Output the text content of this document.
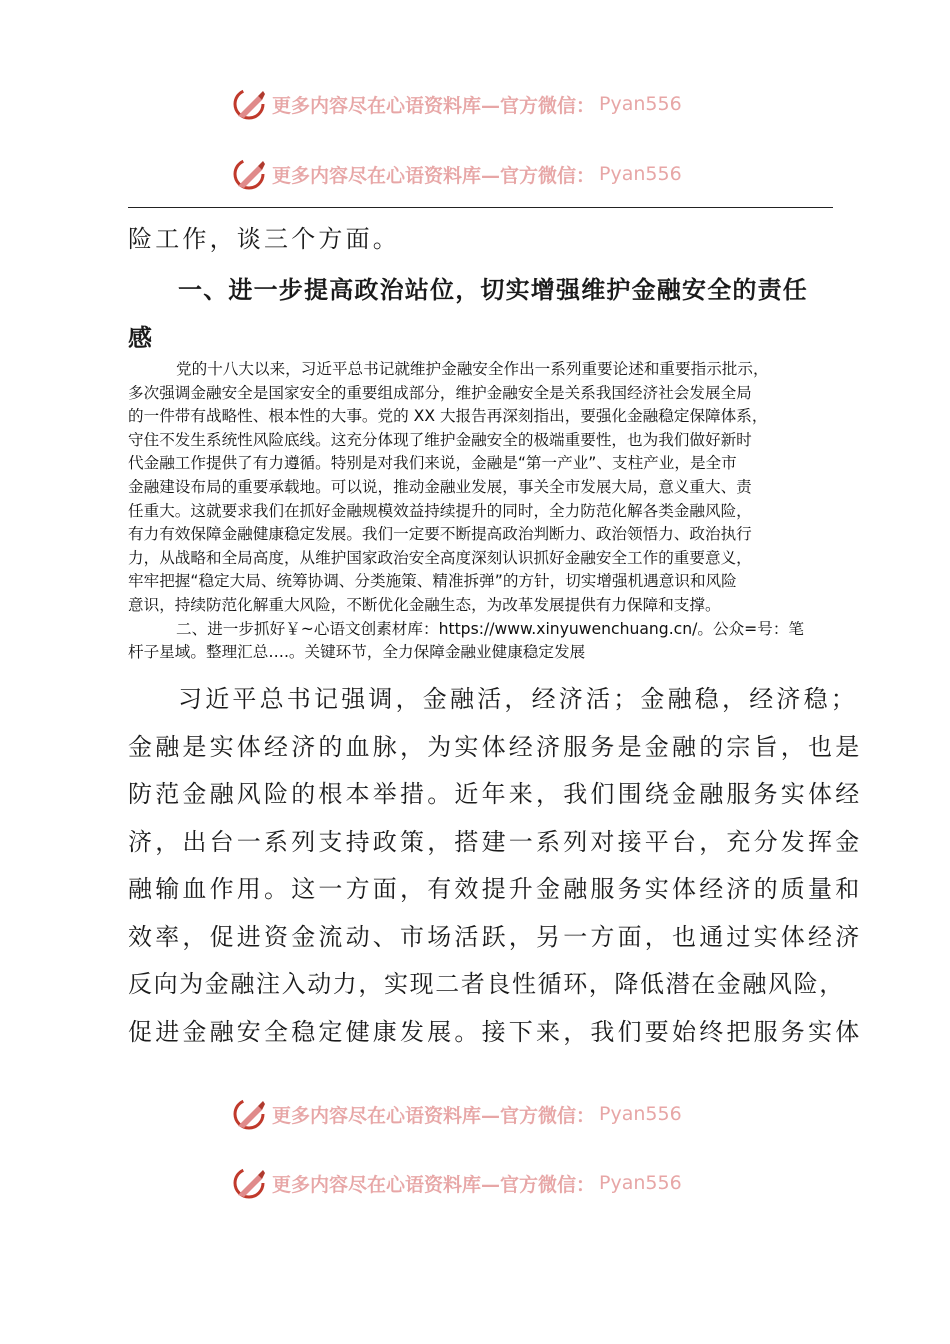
更多内容尽在心语资料库—官方微信： Pyan556
更多内容尽在心语资料库—官方微信： Pyan556
险工作，谈三个方面。
一、进一步提高政治站位，切实增强维护金融安全的责任
感
党的十八大以来，习近平总书记就维护金融安全作出一系列重要论述和重要指示批示，
多次强调金融安全是国家安全的重要组成部分，维护金融安全是关系我国经济社会发展全局
的一件带有战略性、根本性的大事。党的 XX 大报告再深刻指出，要强化金融稳定保障体系，
守住不发生系统性风险底线。这充分体现了维护金融安全的极端重要性，也为我们做好新时
代金融工作提供了有力遵循。特别是对我们来说，金融是“第一产业”、支柱产业，是全市
金融建设布局的重要承载地。可以说，推动金融业发展，事关全市发展大局，意义重大、责
任重大。这就要求我们在抓好金融规模效益持续提升的同时，全力防范化解各类金融风险，
有力有效保障金融健康稳定发展。我们一定要不断提高政治判断力、政治领悟力、政治执行
力，从战略和全局高度，从维护国家政治安全高度深刻认识抓好金融安全工作的重要意义，
牢牢把握“稳定大局、统筹协调、分类施策、精准拆弹”的方针，切实增强机遇意识和风险
意识，持续防范化解重大风险，不断优化金融生态，为改革发展提供有力保障和支撑。
二、进一步抓好￥~心语文创素材库：https://www.xinyuwenchuang.cn/。公众=号：笔
杆子星域。整理汇总….。关键环节，全力保障金融业健康稳定发展
习近平总书记强调，金融活，经济活；金融稳，经济稳；
金融是实体经济的血脉，为实体经济服务是金融的宗旨，也是
防范金融风险的根本举措。近年来，我们围绕金融服务实体经
济，出台一系列支持政策，搭建一系列对接平台，充分发挥金
融输血作用。这一方面，有效提升金融服务实体经济的质量和
效率，促进资金流动、市场活跃，另一方面，也通过实体经济
反向为金融注入动力，实现二者良性循环，降低潜在金融风险，
促进金融安全稳定健康发展。接下来，我们要始终把服务实体
更多内容尽在心语资料库—官方微信： Pyan556
更多内容尽在心语资料库—官方微信： Pyan556
